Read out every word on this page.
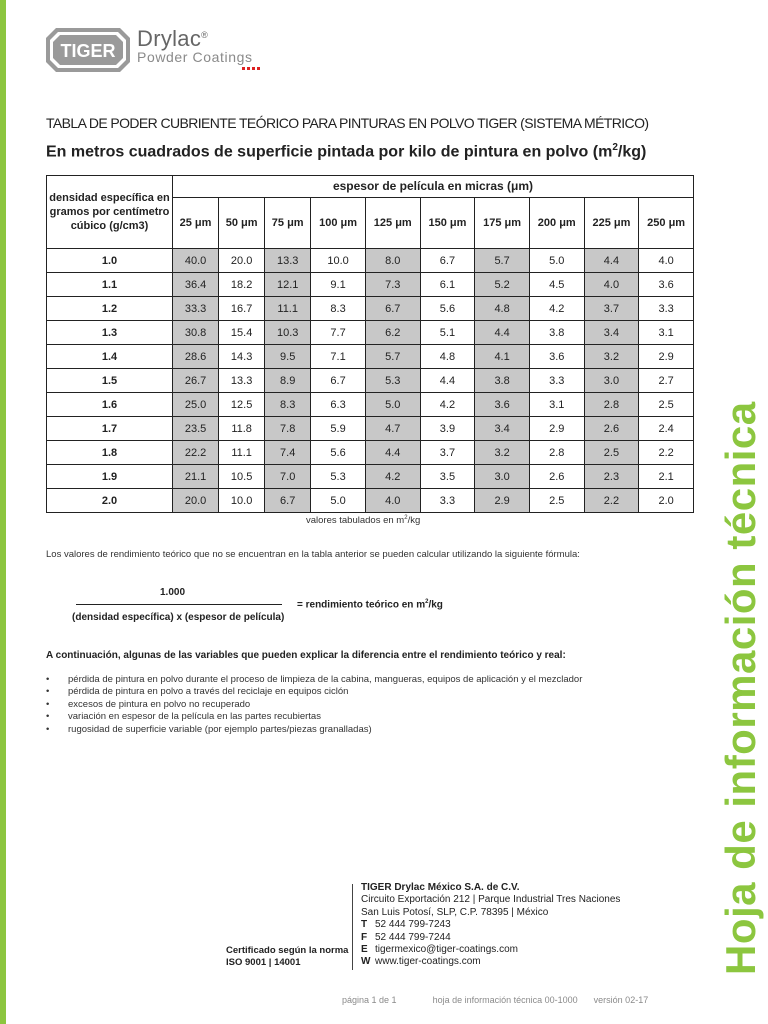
TIGER Drylac®
Powder Coatings
TABLA DE PODER CUBRIENTE TEÓRICO PARA PINTURAS EN POLVO TIGER (SISTEMA MÉTRICO)
En metros cuadrados de superficie pintada por kilo de pintura en polvo $(m^2/kg)$
densidad específica en gramos por centímetro cúbico (g/cm3)	espesor de película en micras (μm)									
	25 μm	50 μm	75 μm	100 μm	125 μm	150 μm	175 μm	200 μm	225 μm	250 μm
1.0	40.0	20.0	13.3	10.0	8.0	6.7	5.7	5.0	4.4	4.0
1.1	36.4	18.2	12.1	9.1	7.3	6.1	5.2	4.5	4.0	3.6
1.2	33.3	16.7	11.1	8.3	6.7	5.6	4.8	4.2	3.7	3.3
1.3	30.8	15.4	10.3	7.7	6.2	5.1	4.4	3.8	3.4	3.1
1.4	28.6	14.3	9.5	7.1	5.7	4.8	4.1	3.6	3.2	2.9
1.5	26.7	13.3	8.9	6.7	5.3	4.4	3.8	3.3	3.0	2.7
1.6	25.0	12.5	8.3	6.3	5.0	4.2	3.6	3.1	2.8	2.5
1.7	23.5	11.8	7.8	5.9	4.7	3.9	3.4	2.9	2.6	2.4
1.8	22.2	11.1	7.4	5.6	4.4	3.7	3.2	2.8	2.5	2.2
1.9	21.1	10.5	7.0	5.3	4.2	3.5	3.0	2.6	2.3	2.1
2.0	20.0	10.0	6.7	5.0	4.0	3.3	2.9	2.5	2.2	2.0
valores tabulados en $m^2/kg$
Los valores de rendimiento teórico que no se encuentran en la tabla anterior se pueden calcular utilizando la siguiente fórmula:
1.000
(densidad específica) x (espesor de película)
= rendimiento teórico en $m^2/kg$
A continuación, algunas de las variables que pueden explicar la diferencia entre el rendimiento teórico y real:
• pérdida de pintura en polvo durante el proceso de limpieza de la cabina, mangueras, equipos de aplicación y el mezclador
• pérdida de pintura en polvo a través del reciclaje en equipos ciclón
• excesos de pintura en polvo no recuperado
• variación en espesor de la película en las partes recubiertas
• rugosidad de superficie variable (por ejemplo partes/piezas granalladas)
Certificado según la norma
ISO 9001 | 14001
TIGER Drylac México S.A. de C.V.
Circuito Exportación 212 | Parque Industrial Tres Naciones
San Luis Potosí, SLP, C.P. 78395 | México
T 52 444 799-7243
F 52 444 799-7244
E tigermexico@tiger-coatings.com
W www.tiger-coatings.com
página 1 de 1	hoja de información técnica 00-1000 versión 02-17
Hoja de información técnica
